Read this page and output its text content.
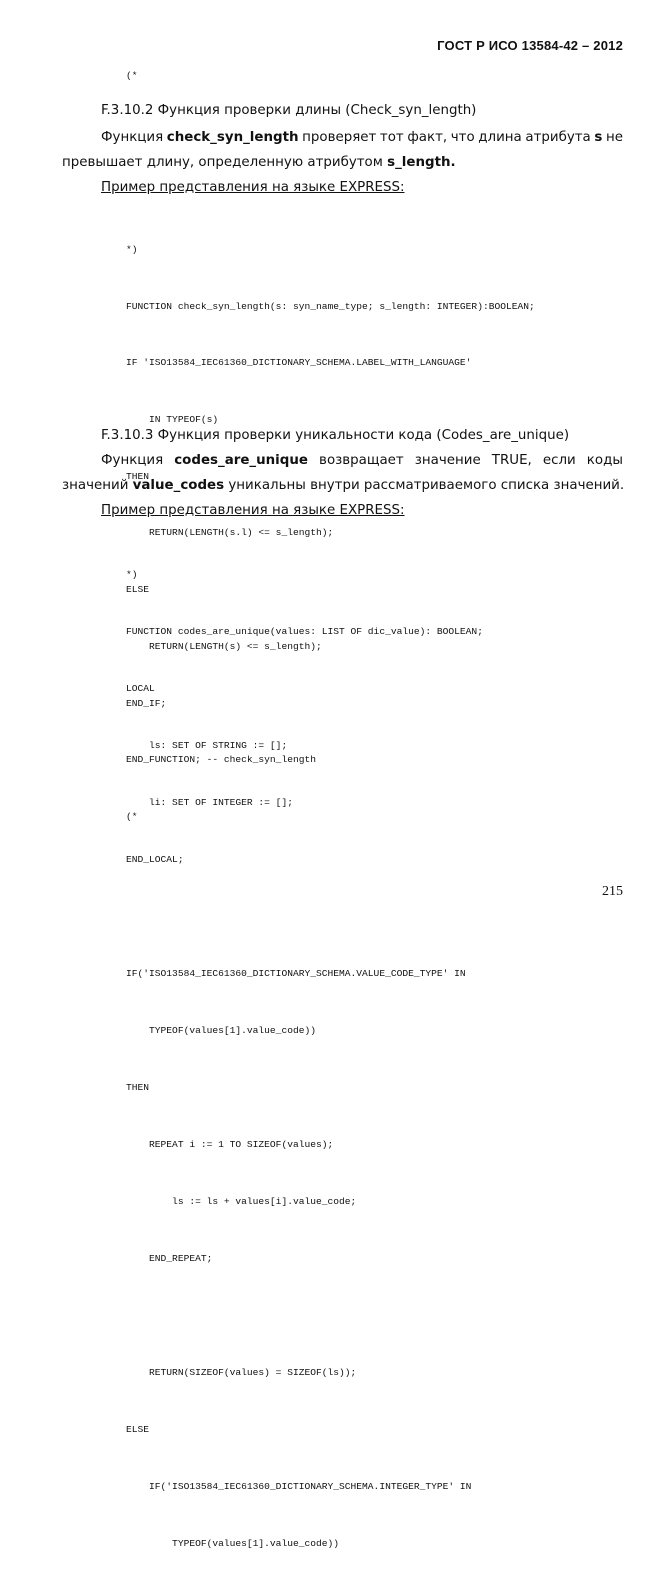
ГОСТ Р ИСО 13584-42 – 2012
(*
F.3.10.2 Функция проверки длины (Check_syn_length)
Функция check_syn_length проверяет тот факт, что длина атрибута s не
превышает длину, определенную атрибутом s_length.
Пример представления на языке EXPRESS:

*)

FUNCTION check_syn_length(s: syn_name_type; s_length: INTEGER):BOOLEAN;

IF 'ISO13584_IEC61360_DICTIONARY_SCHEMA.LABEL_WITH_LANGUAGE'

IN TYPEOF(s)

THEN

RETURN(LENGTH(s.l) <= s_length);

ELSE

RETURN(LENGTH(s) <= s_length);

END_IF;

END_FUNCTION; -- check_syn_length

(*

F.3.10.3 Функция проверки уникальности кода (Codes_are_unique)
Функция codes_are_unique возвращает значение TRUE, если коды
значений value_codes уникальны внутри рассматриваемого списка значений.
Пример представления на языке EXPRESS:

*)

FUNCTION codes_are_unique(values: LIST OF dic_value): BOOLEAN;

LOCAL

ls: SET OF STRING := [];

li: SET OF INTEGER := [];

END_LOCAL;

IF('ISO13584_IEC61360_DICTIONARY_SCHEMA.VALUE_CODE_TYPE' IN

TYPEOF(values[1].value_code))

THEN

REPEAT i := 1 TO SIZEOF(values);

ls := ls + values[i].value_code;

END_REPEAT;

RETURN(SIZEOF(values) = SIZEOF(ls));

ELSE

IF('ISO13584_IEC61360_DICTIONARY_SCHEMA.INTEGER_TYPE' IN

TYPEOF(values[1].value_code))

215
